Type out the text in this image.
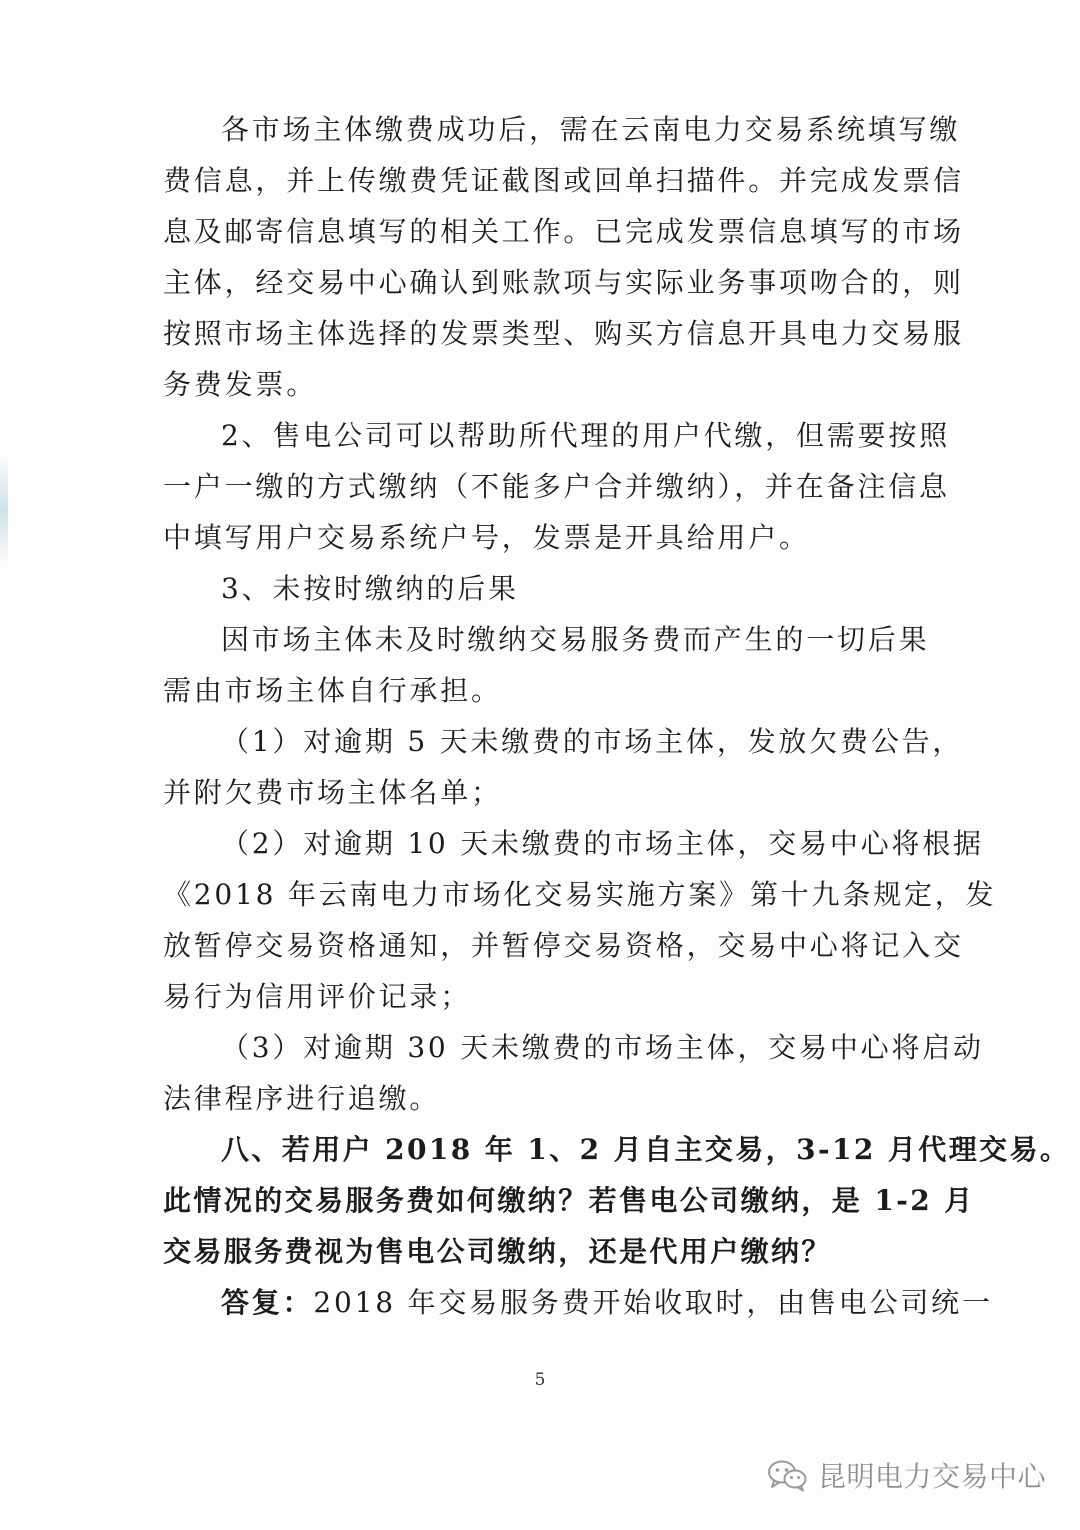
各市场主体缴费成功后，需在云南电力交易系统填写缴
费信息，并上传缴费凭证截图或回单扫描件。并完成发票信
息及邮寄信息填写的相关工作。已完成发票信息填写的市场
主体，经交易中心确认到账款项与实际业务事项吻合的，则
按照市场主体选择的发票类型、购买方信息开具电力交易服
务费发票。
2、售电公司可以帮助所代理的用户代缴，但需要按照
一户一缴的方式缴纳（不能多户合并缴纳），并在备注信息
中填写用户交易系统户号，发票是开具给用户。
3、未按时缴纳的后果
因市场主体未及时缴纳交易服务费而产生的一切后果
需由市场主体自行承担。
（1）对逾期 5 天未缴费的市场主体，发放欠费公告，
并附欠费市场主体名单；
（2）对逾期 10 天未缴费的市场主体，交易中心将根据
《2018 年云南电力市场化交易实施方案》第十九条规定，发
放暂停交易资格通知，并暂停交易资格，交易中心将记入交
易行为信用评价记录；
（3）对逾期 30 天未缴费的市场主体，交易中心将启动
法律程序进行追缴。
八、若用户 2018 年 1、2 月自主交易，3-12 月代理交易。
此情况的交易服务费如何缴纳？若售电公司缴纳，是 1-2 月
交易服务费视为售电公司缴纳，还是代用户缴纳？
答复：2018 年交易服务费开始收取时，由售电公司统一
5
昆明电力交易中心
